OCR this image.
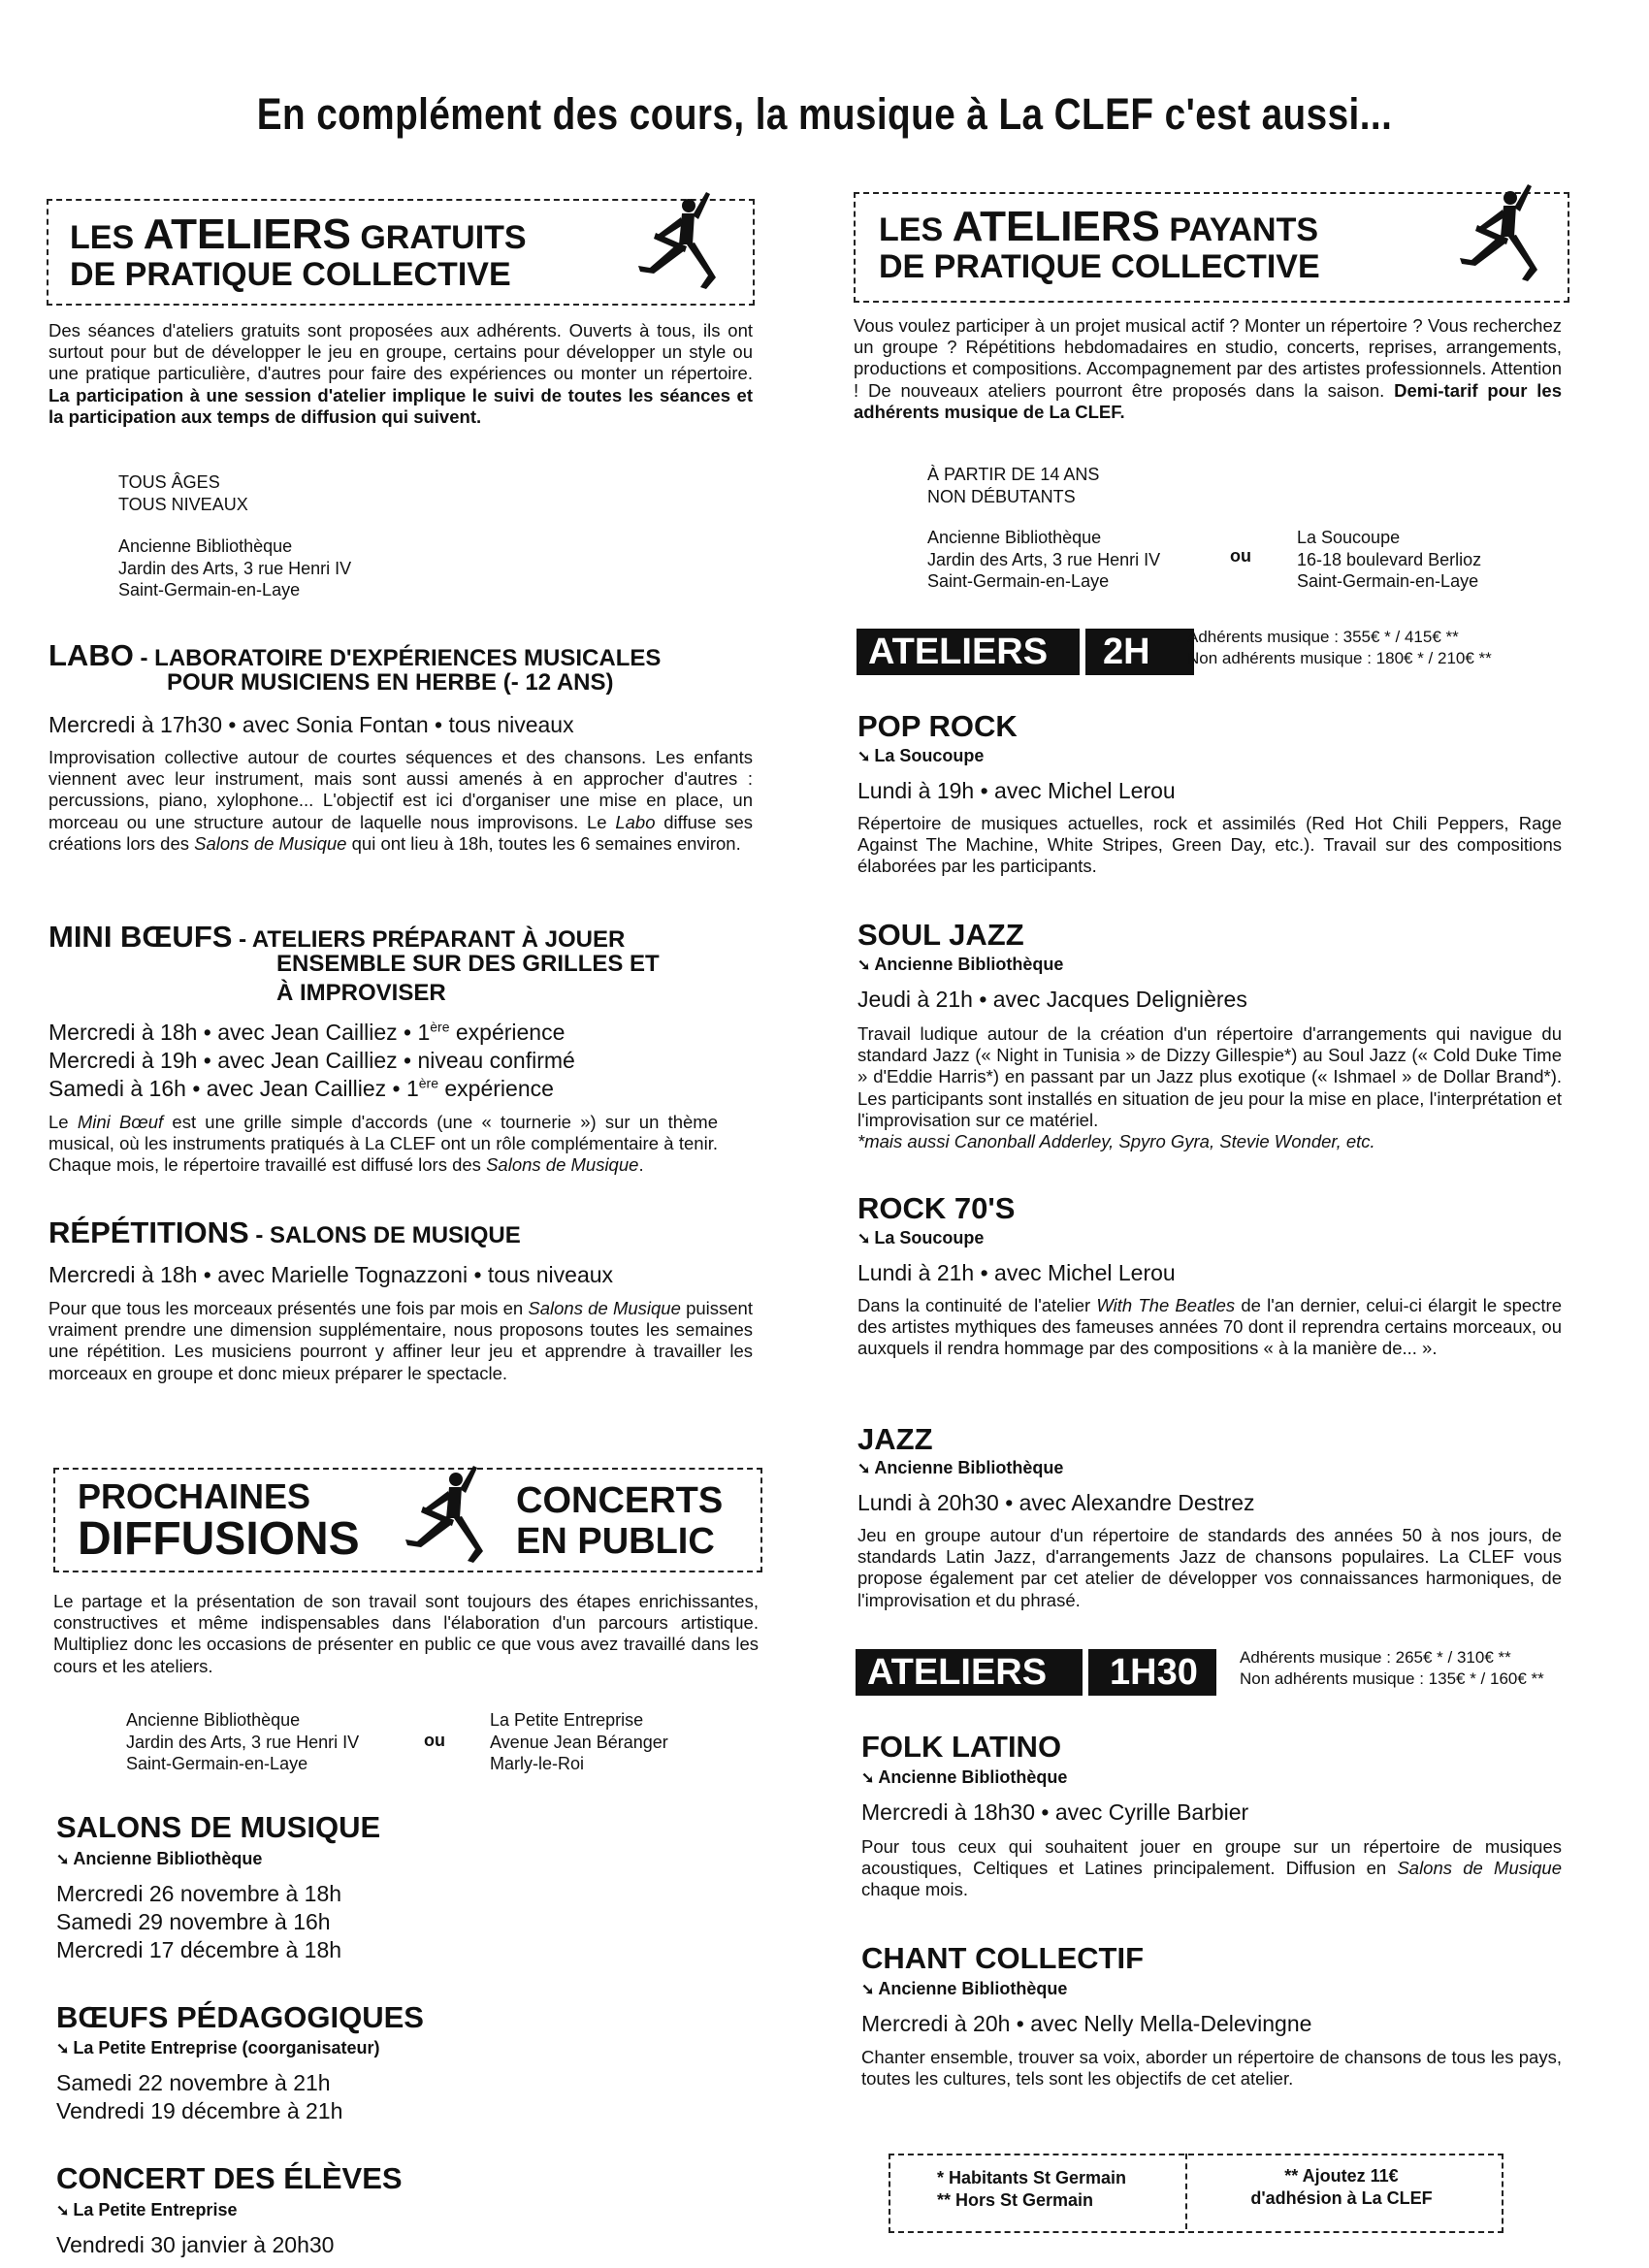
En complément des cours, la musique à La CLEF c'est aussi...
LES ATELIERS GRATUITS
DE PRATIQUE COLLECTIVE
Des séances d'ateliers gratuits sont proposées aux adhérents. Ouverts à tous, ils ont surtout pour but de développer le jeu en groupe, certains pour développer un style ou une pratique particulière, d'autres pour faire des expériences ou monter un répertoire. La participation à une session d'atelier implique le suivi de toutes les séances et la participation aux temps de diffusion qui suivent.
TOUS ÂGES
TOUS NIVEAUX
Ancienne Bibliothèque
Jardin des Arts, 3 rue Henri IV
Saint-Germain-en-Laye
LABO - LABORATOIRE D'EXPÉRIENCES MUSICALES
POUR MUSICIENS EN HERBE (- 12 ANS)
Mercredi à 17h30 • avec Sonia Fontan • tous niveaux
Improvisation collective autour de courtes séquences et des chansons. Les enfants viennent avec leur instrument, mais sont aussi amenés à en approcher d'autres : percussions, piano, xylophone... L'objectif est ici d'organiser une mise en place, un morceau ou une structure autour de laquelle nous improvisons. Le Labo diffuse ses créations lors des Salons de Musique qui ont lieu à 18h, toutes les 6 semaines environ.
MINI BŒUFS - ATELIERS PRÉPARANT À JOUER
ENSEMBLE SUR DES GRILLES ET
À IMPROVISER
Mercredi à 18h • avec Jean Cailliez • 1ère expérience
Mercredi à 19h • avec Jean Cailliez • niveau confirmé
Samedi à 16h • avec Jean Cailliez • 1ère expérience
Le Mini Bœuf est une grille simple d'accords (une « tournerie ») sur un thème musical, où les instruments pratiqués à La CLEF ont un rôle complémentaire à tenir. Chaque mois, le répertoire travaillé est diffusé lors des Salons de Musique.
RÉPÉTITIONS - SALONS DE MUSIQUE
Mercredi à 18h • avec Marielle Tognazzoni • tous niveaux
Pour que tous les morceaux présentés une fois par mois en Salons de Musique puissent vraiment prendre une dimension supplémentaire, nous proposons toutes les semaines une répétition. Les musiciens pourront y affiner leur jeu et apprendre à travailler les morceaux en groupe et donc mieux préparer le spectacle.
PROCHAINES
DIFFUSIONS
CONCERTS
EN PUBLIC
Le partage et la présentation de son travail sont toujours des étapes enrichissantes, constructives et même indispensables dans l'élaboration d'un parcours artistique. Multipliez donc les occasions de présenter en public ce que vous avez travaillé dans les cours et les ateliers.
Ancienne Bibliothèque
Jardin des Arts, 3 rue Henri IV
Saint-Germain-en-Laye
ou
La Petite Entreprise
Avenue Jean Béranger
Marly-le-Roi
SALONS DE MUSIQUE
➘ Ancienne Bibliothèque
Mercredi 26 novembre à 18h
Samedi 29 novembre à 16h
Mercredi 17 décembre à 18h
BŒUFS PÉDAGOGIQUES
➘ La Petite Entreprise (coorganisateur)
Samedi 22 novembre à 21h
Vendredi 19 décembre à 21h
CONCERT DES ÉLÈVES
➘ La Petite Entreprise
Vendredi 30 janvier à 20h30
LES ATELIERS PAYANTS
DE PRATIQUE COLLECTIVE
Vous voulez participer à un projet musical actif ? Monter un répertoire ? Vous recherchez un groupe ? Répétitions hebdomadaires en studio, concerts, reprises, arrangements, productions et compositions. Accompagnement par des artistes professionnels. Attention ! De nouveaux ateliers pourront être proposés dans la saison. Demi-tarif pour les adhérents musique de La CLEF.
À PARTIR DE 14 ANS
NON DÉBUTANTS
Ancienne Bibliothèque
Jardin des Arts, 3 rue Henri IV
Saint-Germain-en-Laye
ou
La Soucoupe
16-18 boulevard Berlioz
Saint-Germain-en-Laye
ATELIERS 2H Adhérents musique : 355€ * / 415€ **
Non adhérents musique : 180€ * / 210€ **
POP ROCK
➘ La Soucoupe
Lundi à 19h • avec Michel Lerou
Répertoire de musiques actuelles, rock et assimilés (Red Hot Chili Peppers, Rage Against The Machine, White Stripes, Green Day, etc.). Travail sur des compositions élaborées par les participants.
SOUL JAZZ
➘ Ancienne Bibliothèque
Jeudi à 21h • avec Jacques Delignières
Travail ludique autour de la création d'un répertoire d'arrangements qui navigue du standard Jazz (« Night in Tunisia » de Dizzy Gillespie*) au Soul Jazz (« Cold Duke Time » d'Eddie Harris*) en passant par un Jazz plus exotique (« Ishmael » de Dollar Brand*). Les participants sont installés en situation de jeu pour la mise en place, l'interprétation et l'improvisation sur ce matériel.
*mais aussi Canonball Adderley, Spyro Gyra, Stevie Wonder, etc.
ROCK 70'S
➘ La Soucoupe
Lundi à 21h • avec Michel Lerou
Dans la continuité de l'atelier With The Beatles de l'an dernier, celui-ci élargit le spectre des artistes mythiques des fameuses années 70 dont il reprendra certains morceaux, ou auxquels il rendra hommage par des compositions « à la manière de... ».
JAZZ
➘ Ancienne Bibliothèque
Lundi à 20h30 • avec Alexandre Destrez
Jeu en groupe autour d'un répertoire de standards des années 50 à nos jours, de standards Latin Jazz, d'arrangements Jazz de chansons populaires. La CLEF vous propose également par cet atelier de développer vos connaissances harmoniques, de l'improvisation et du phrasé.
ATELIERS 1H30	Adhérents musique : 265€ * / 310€ **
Non adhérents musique : 135€ * / 160€ **
FOLK LATINO
➘ Ancienne Bibliothèque
Mercredi à 18h30 • avec Cyrille Barbier
Pour tous ceux qui souhaitent jouer en groupe sur un répertoire de musiques acoustiques, Celtiques et Latines principalement. Diffusion en Salons de Musique chaque mois.
CHANT COLLECTIF
➘ Ancienne Bibliothèque
Mercredi à 20h • avec Nelly Mella-Delevingne
Chanter ensemble, trouver sa voix, aborder un répertoire de chansons de tous les pays, toutes les cultures, tels sont les objectifs de cet atelier.
* Habitants St Germain
** Hors St Germain
** Ajoutez 11€
d'adhésion à La CLEF
